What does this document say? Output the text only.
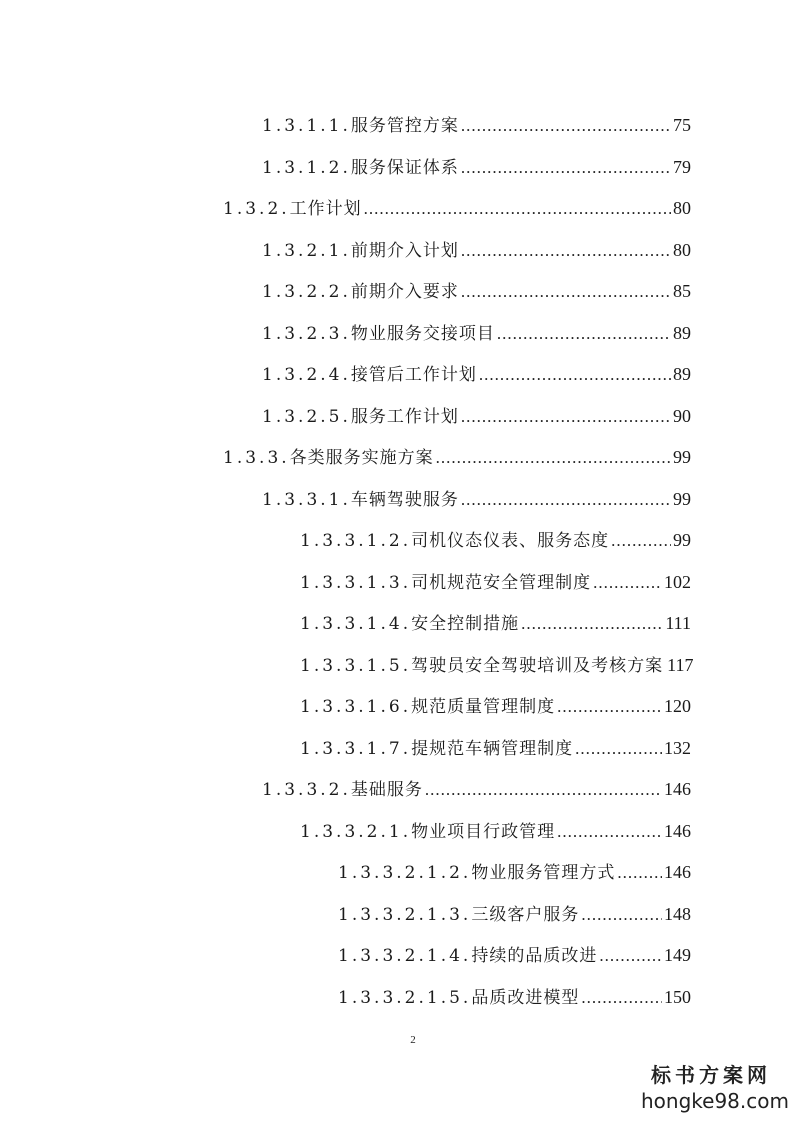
1.3.1.1. 服务管控方案 .....	75
1.3.1.2. 服务保证体系 .....	79
1.3.2. 工作计划 .....	80
1.3.2.1. 前期介入计划 .....	80
1.3.2.2. 前期介入要求 .....	85
1.3.2.3. 物业服务交接项目 .....	89
1.3.2.4. 接管后工作计划 .....	89
1.3.2.5. 服务工作计划 .....	90
1.3.3. 各类服务实施方案 .....	99
1.3.3.1. 车辆驾驶服务 .....	99
1.3.3.1.2. 司机仪态仪表、服务态度 .....	99
1.3.3.1.3. 司机规范安全管理制度 .....	102
1.3.3.1.4. 安全控制措施 .....	111
1.3.3.1.5. 驾驶员安全驾驶培训及考核方案 117
1.3.3.1.6. 规范质量管理制度 .....	120
1.3.3.1.7. 提规范车辆管理制度 .....	132
1.3.3.2. 基础服务 .....	146
1.3.3.2.1. 物业项目行政管理 .....	146
1.3.3.2.1.2. 物业服务管理方式 .....	146
1.3.3.2.1.3. 三级客户服务 .....	148
1.3.3.2.1.4. 持续的品质改进 .....	149
1.3.3.2.1.5. 品质改进模型 .....	150
2
标书方案网
hongke98.com
